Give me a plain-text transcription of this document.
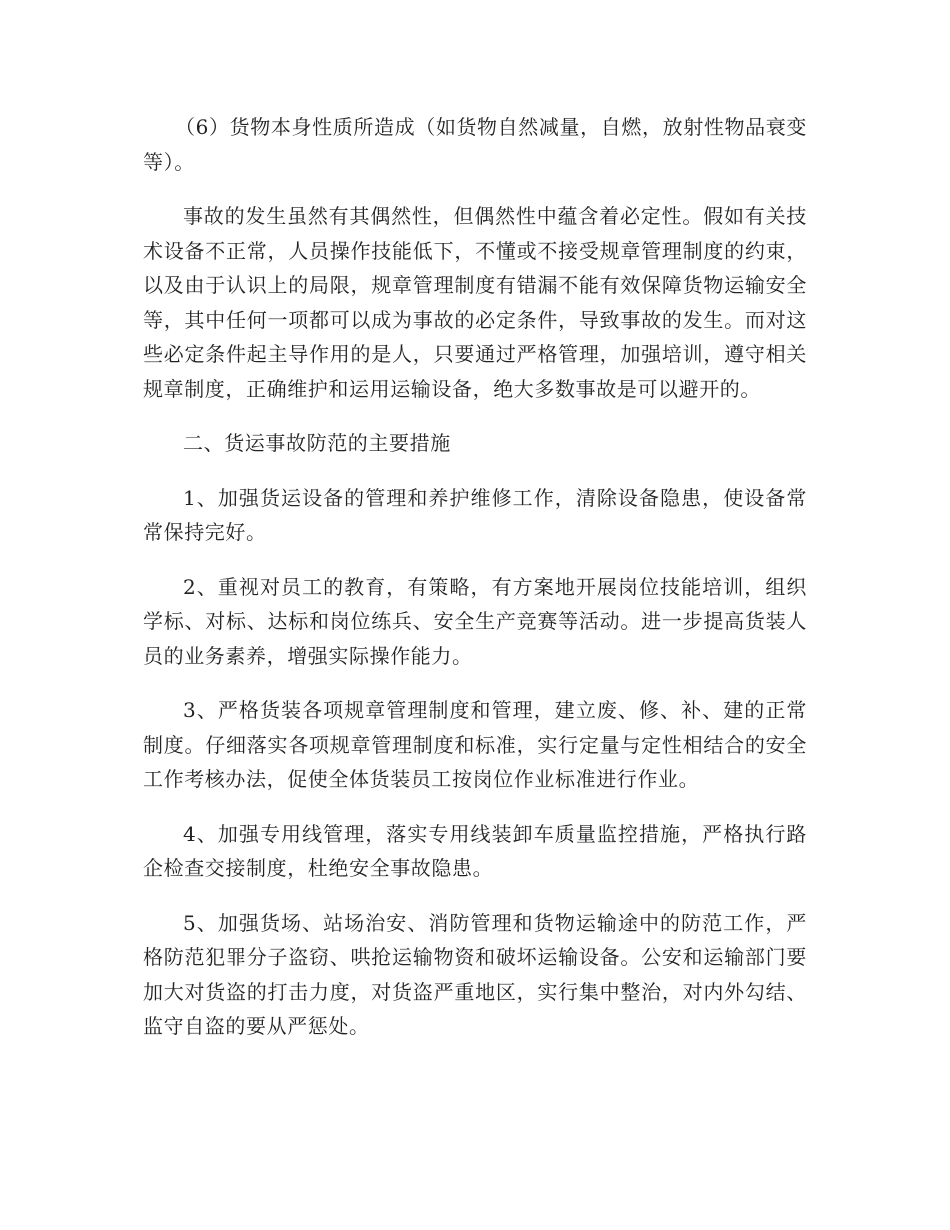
（6）货物本身性质所造成（如货物自然减量，自燃，放射性物品衰变等）。

事故的发生虽然有其偶然性，但偶然性中蕴含着必定性。假如有关技术设备不正常，人员操作技能低下，不懂或不接受规章管理制度的约束，以及由于认识上的局限，规章管理制度有错漏不能有效保障货物运输安全等，其中任何一项都可以成为事故的必定条件，导致事故的发生。而对这些必定条件起主导作用的是人，只要通过严格管理，加强培训，遵守相关规章制度，正确维护和运用运输设备，绝大多数事故是可以避开的。

二、货运事故防范的主要措施

1、加强货运设备的管理和养护维修工作，清除设备隐患，使设备常常保持完好。

2、重视对员工的教育，有策略，有方案地开展岗位技能培训，组织学标、对标、达标和岗位练兵、安全生产竞赛等活动。进一步提高货装人员的业务素养，增强实际操作能力。

3、严格货装各项规章管理制度和管理，建立废、修、补、建的正常制度。仔细落实各项规章管理制度和标准，实行定量与定性相结合的安全工作考核办法，促使全体货装员工按岗位作业标准进行作业。

4、加强专用线管理，落实专用线装卸车质量监控措施，严格执行路企检查交接制度，杜绝安全事故隐患。

5、加强货场、站场治安、消防管理和货物运输途中的防范工作，严格防范犯罪分子盗窃、哄抢运输物资和破坏运输设备。公安和运输部门要加大对货盗的打击力度，对货盗严重地区，实行集中整治，对内外勾结、监守自盗的要从严惩处。
